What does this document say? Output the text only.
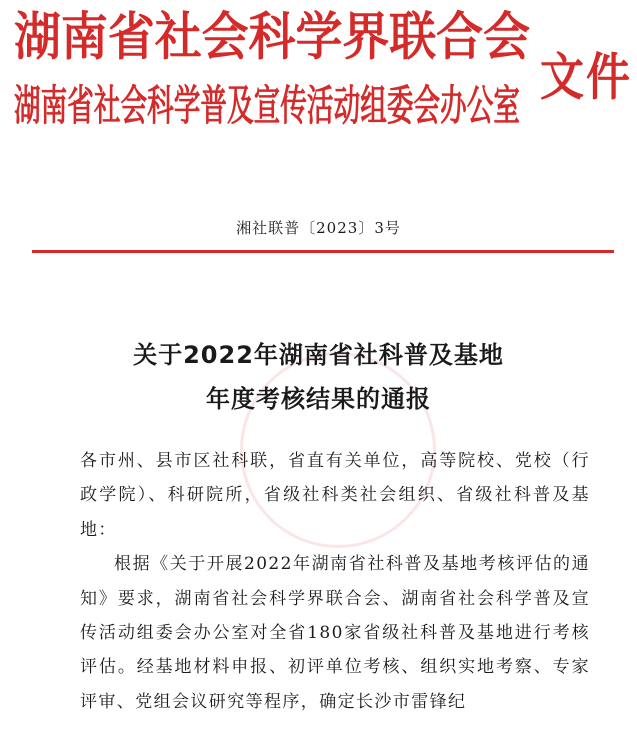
湖南省社会科学界联合会
湖南省社会科学普及宣传活动组委会办公室 文件
湘社联普〔2023〕3号
关于2022年湖南省社科普及基地
年度考核结果的通报

各市州、县市区社科联，省直有关单位，高等院校、党校（行政学院）、科研院所，省级社科类社会组织、省级社科普及基地：

根据《关于开展2022年湖南省社科普及基地考核评估的通知》要求，湖南省社会科学界联合会、湖南省社会科学普及宣传活动组委会办公室对全省180家省级社科普及基地进行考核评估。经基地材料申报、初评单位考核、组织实地考察、专家评审、党组会议研究等程序，确定长沙市雷锋纪
